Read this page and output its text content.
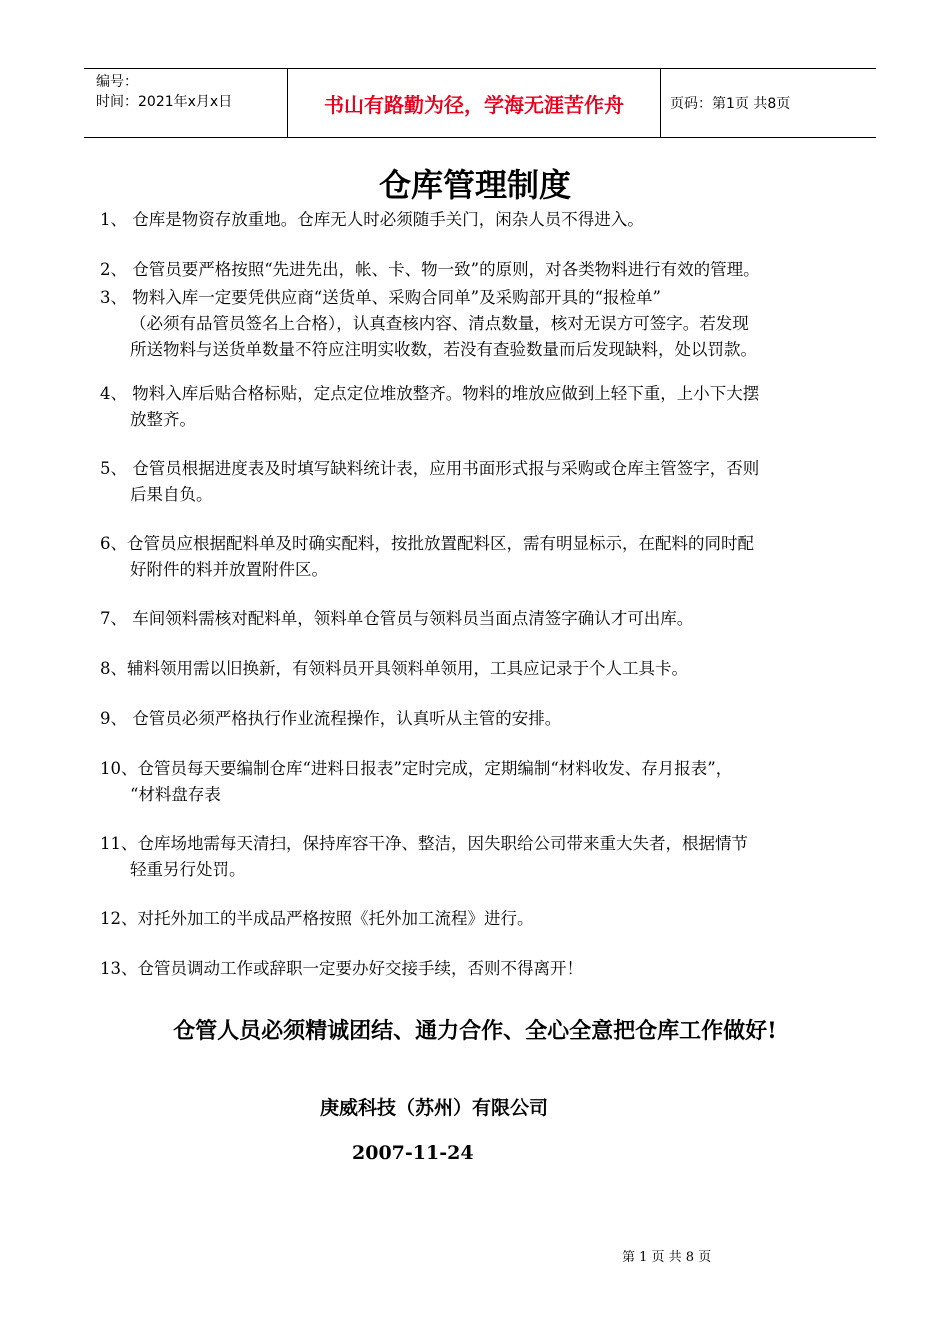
编号：
时间：2021年x月x日	书山有路勤为径，学海无涯苦作舟	页码：第1页 共8页
仓库管理制度
1、 仓库是物资存放重地。仓库无人时必须随手关门，闲杂人员不得进入。
2、 仓管员要严格按照“先进先出，帐、卡、物一致”的原则，对各类物料进行有效的管理。
3、 物料入库一定要凭供应商“送货单、采购合同单”及采购部开具的“报检单”
（必须有品管员签名上合格），认真查核内容、清点数量，核对无误方可签字。若发现
所送物料与送货单数量不符应注明实收数，若没有查验数量而后发现缺料，处以罚款。
4、 物料入库后贴合格标贴，定点定位堆放整齐。物料的堆放应做到上轻下重，上小下大摆
放整齐。
5、 仓管员根据进度表及时填写缺料统计表，应用书面形式报与采购或仓库主管签字，否则
后果自负。
6、仓管员应根据配料单及时确实配料，按批放置配料区，需有明显标示，在配料的同时配
好附件的料并放置附件区。
7、 车间领料需核对配料单，领料单仓管员与领料员当面点清签字确认才可出库。
8、辅料领用需以旧换新，有领料员开具领料单领用，工具应记录于个人工具卡。
9、 仓管员必须严格执行作业流程操作，认真听从主管的安排。
10、仓管员每天要编制仓库“进料日报表”定时完成，定期编制“材料收发、存月报表”，
“材料盘存表
11、仓库场地需每天清扫，保持库容干净、整洁，因失职给公司带来重大失者，根据情节
轻重另行处罚。
12、对托外加工的半成品严格按照《托外加工流程》进行。
13、仓管员调动工作或辞职一定要办好交接手续，否则不得离开！
仓管人员必须精诚团结、通力合作、全心全意把仓库工作做好!
庚威科技（苏州）有限公司
2007-11-24
第 1 页 共 8 页
